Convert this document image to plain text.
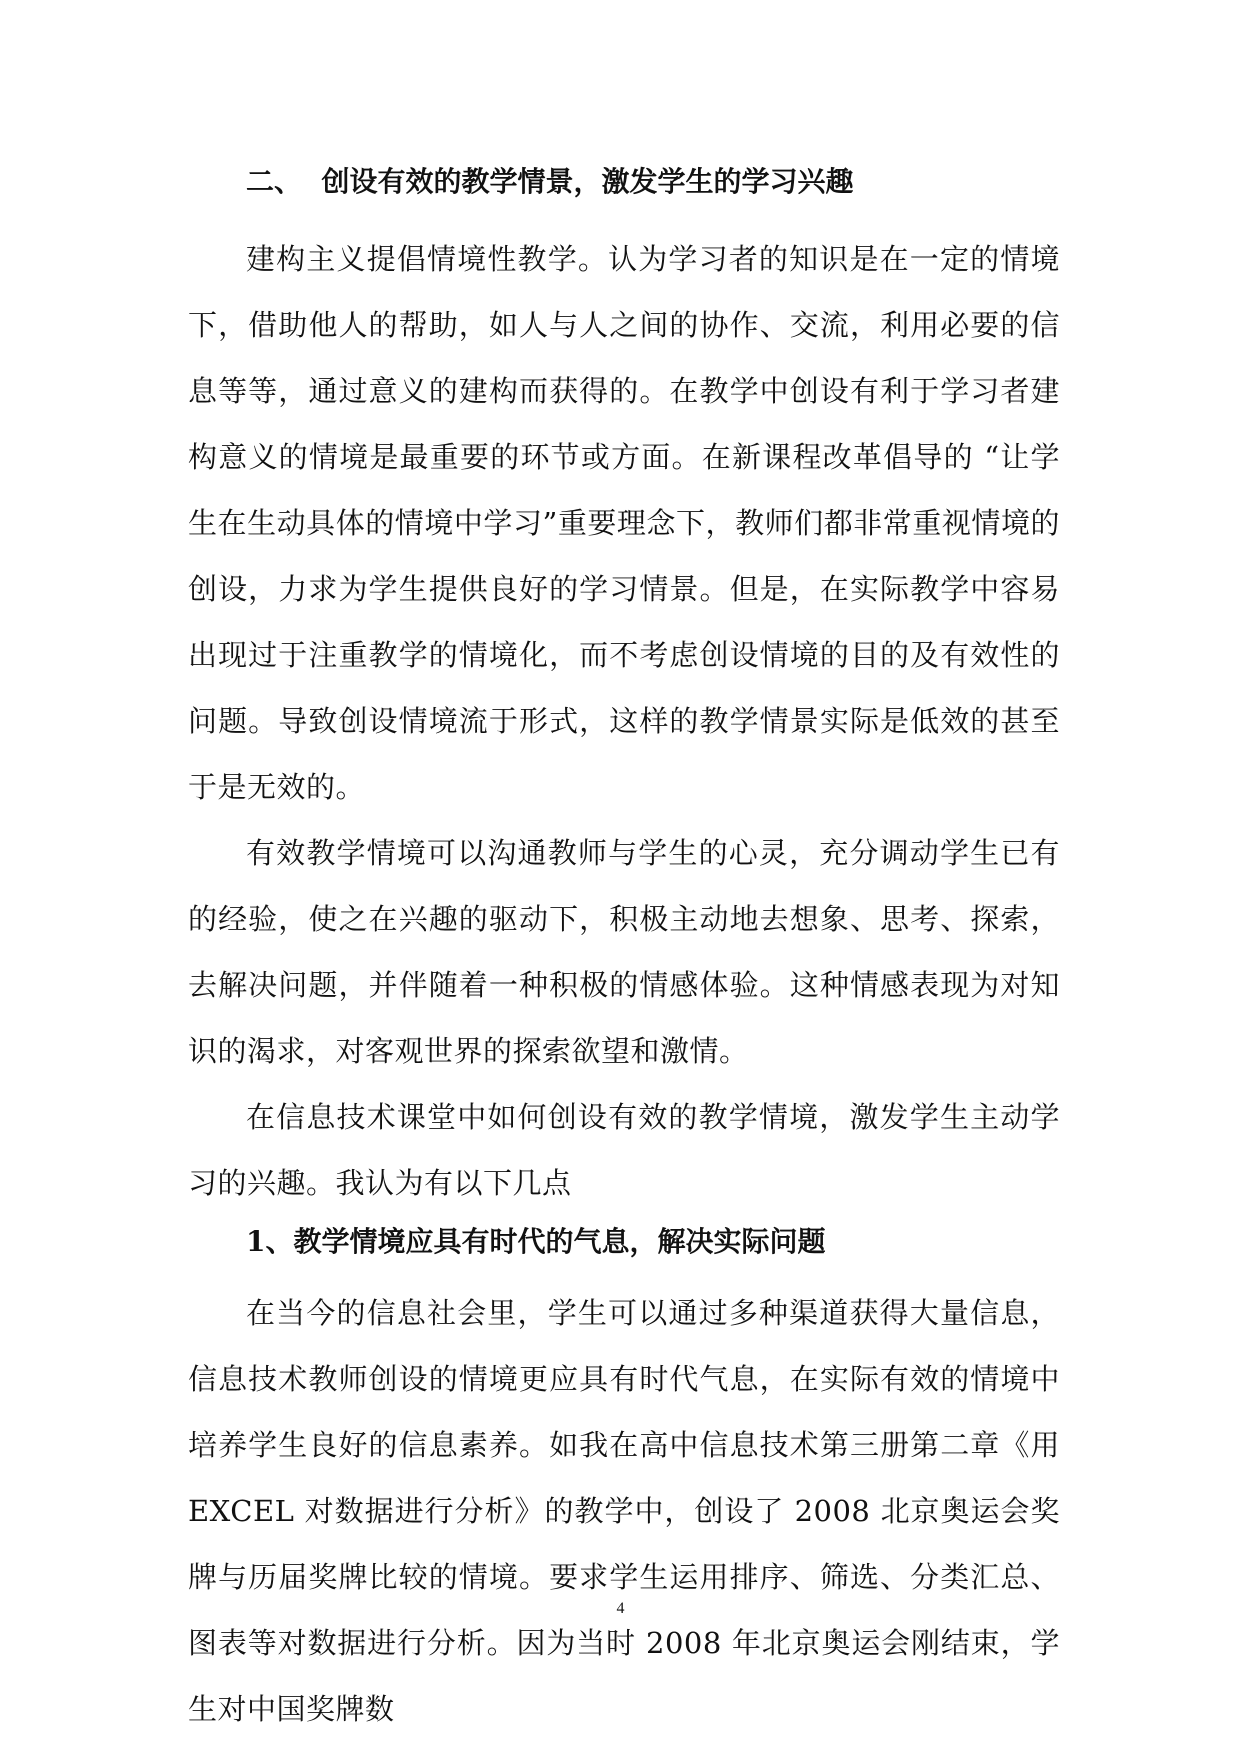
二、  创设有效的教学情景，激发学生的学习兴趣

建构主义提倡情境性教学。认为学习者的知识是在一定的情境下，借助他人的帮助，如人与人之间的协作、交流，利用必要的信息等等，通过意义的建构而获得的。在教学中创设有利于学习者建构意义的情境是最重要的环节或方面。在新课程改革倡导的 “让学生在生动具体的情境中学习”重要理念下，教师们都非常重视情境的创设，力求为学生提供良好的学习情景。但是，在实际教学中容易出现过于注重教学的情境化，而不考虑创设情境的目的及有效性的问题。导致创设情境流于形式，这样的教学情景实际是低效的甚至于是无效的。

有效教学情境可以沟通教师与学生的心灵，充分调动学生已有的经验，使之在兴趣的驱动下，积极主动地去想象、思考、探索，去解决问题，并伴随着一种积极的情感体验。这种情感表现为对知识的渴求，对客观世界的探索欲望和激情。

在信息技术课堂中如何创设有效的教学情境，激发学生主动学习的兴趣。我认为有以下几点

1、教学情境应具有时代的气息，解决实际问题

在当今的信息社会里，学生可以通过多种渠道获得大量信息，信息技术教师创设的情境更应具有时代气息，在实际有效的情境中培养学生良好的信息素养。如我在高中信息技术第三册第二章《用 EXCEL 对数据进行分析》的教学中，创设了 2008 北京奥运会奖牌与历届奖牌比较的情境。要求学生运用排序、筛选、分类汇总、图表等对数据进行分析。因为当时 2008 年北京奥运会刚结束，学生对中国奖牌数

4
